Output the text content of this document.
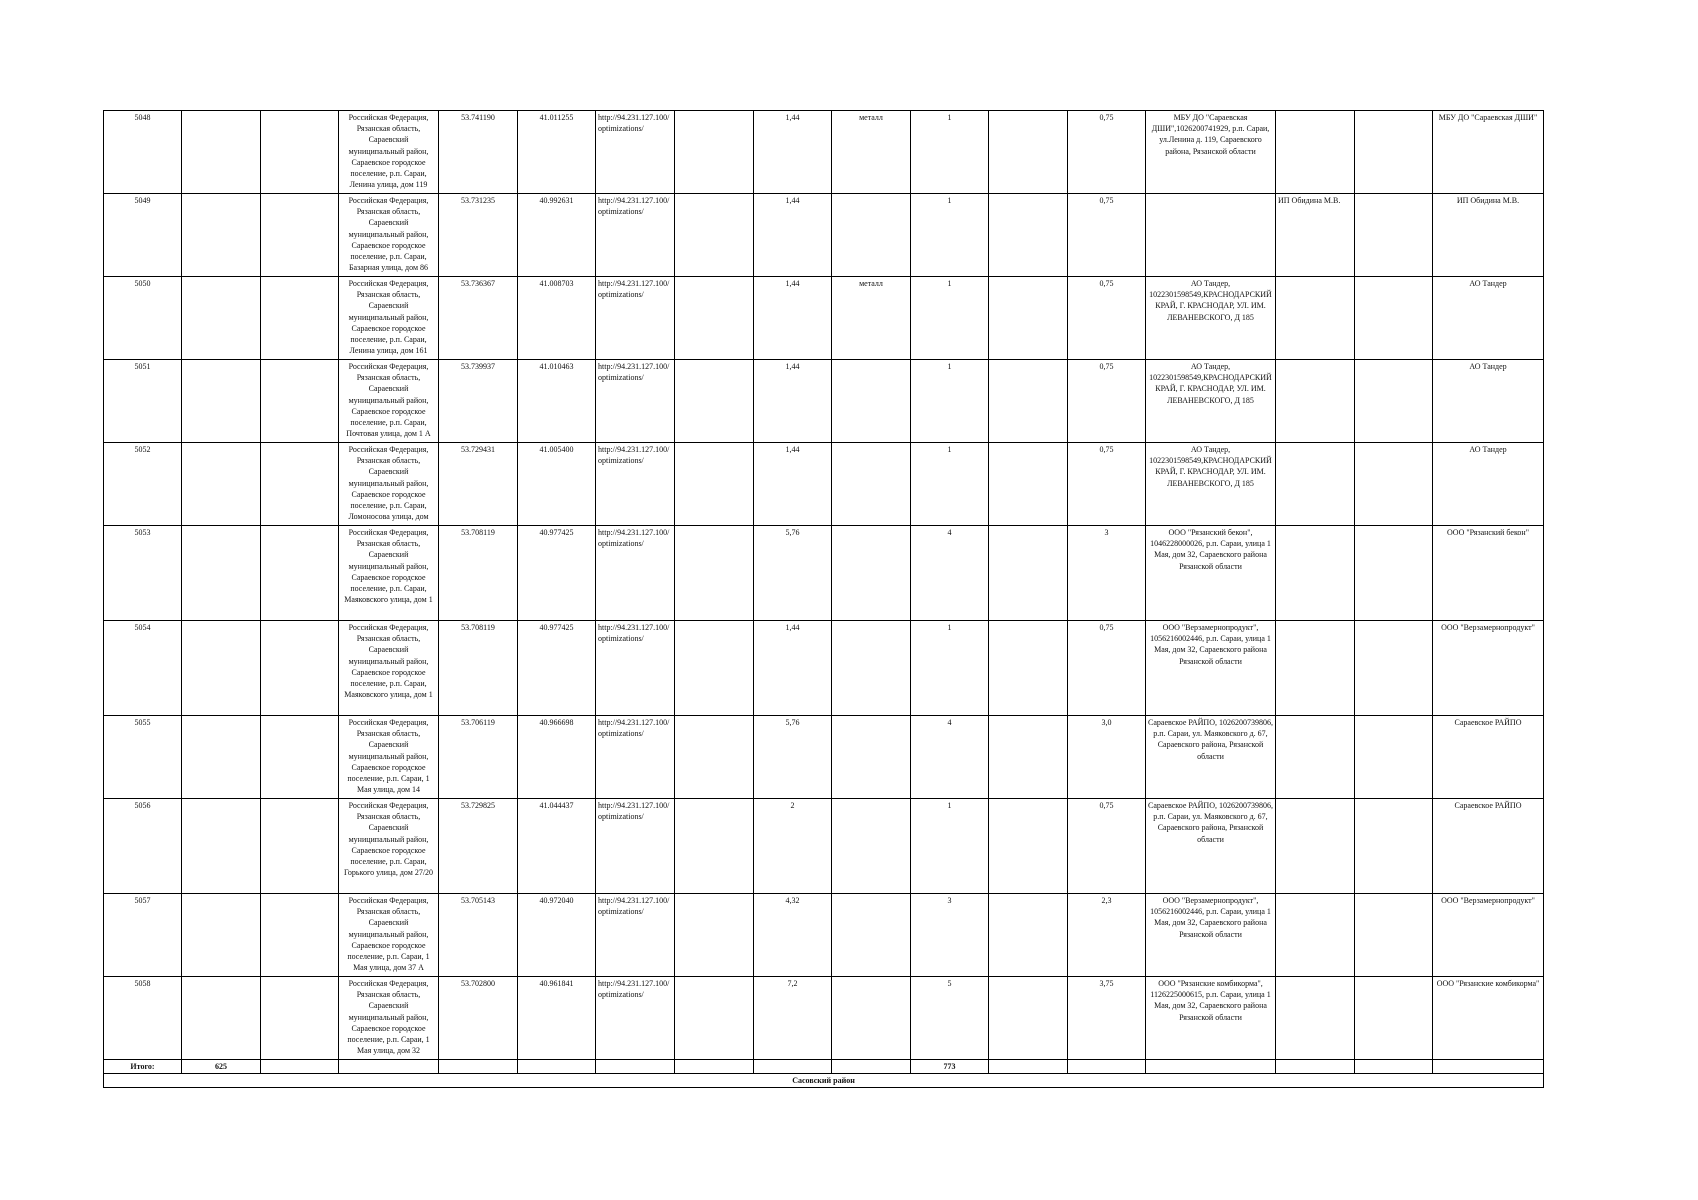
5048			Российская Федерация, Рязанская область, Сараевский муниципальный район, Сараевское городское поселение, р.п. Сараи, Ленина улица, дом 119	53.741190	41.011255	http://94.231.127.100/optimizations/		1,44	металл	1		0,75	МБУ ДО "Сараевская ДШИ",1026200741929, р.п. Сараи, ул.Ленина д. 119, Сараевского района, Рязанской области			МБУ ДО "Сараевская ДШИ"
5049			Российская Федерация, Рязанская область, Сараевский муниципальный район, Сараевское городское поселение, р.п. Сараи, Базарная улица, дом 86	53.731235	40.992631	http://94.231.127.100/optimizations/		1,44		1		0,75		ИП Обидина М.В.		ИП Обидина М.В.
5050			Российская Федерация, Рязанская область, Сараевский муниципальный район, Сараевское городское поселение, р.п. Сараи, Ленина улица, дом 161	53.736367	41.008703	http://94.231.127.100/optimizations/		1,44	металл	1		0,75	АО Тандер, 1022301598549,КРАСНОДАРСКИЙ КРАЙ, Г. КРАСНОДАР, УЛ. ИМ. ЛЕВАНЕВСКОГО, Д 185			АО Тандер
5051			Российская Федерация, Рязанская область, Сараевский муниципальный район, Сараевское городское поселение, р.п. Сараи, Почтовая улица, дом 1 А	53.739937	41.010463	http://94.231.127.100/optimizations/		1,44		1		0,75	АО Тандер, 1022301598549,КРАСНОДАРСКИЙ КРАЙ, Г. КРАСНОДАР, УЛ. ИМ. ЛЕВАНЕВСКОГО, Д 185			АО Тандер
5052			Российская Федерация, Рязанская область, Сараевский муниципальный район, Сараевское городское поселение, р.п. Сараи, Ломоносова улица, дом	53.729431	41.005400	http://94.231.127.100/optimizations/		1,44		1		0,75	АО Тандер, 1022301598549,КРАСНОДАРСКИЙ КРАЙ, Г. КРАСНОДАР, УЛ. ИМ. ЛЕВАНЕВСКОГО, Д 185			АО Тандер
5053			Российская Федерация, Рязанская область, Сараевский муниципальный район, Сараевское городское поселение, р.п. Сараи, Маяковского улица, дом 1	53.708119	40.977425	http://94.231.127.100/optimizations/		5,76		4		3	ООО "Рязанский бекон", 1046228000026, р.п. Сараи, улица 1 Мая, дом 32, Сараевского района Рязанской области			ООО "Рязанский бекон"
5054			Российская Федерация, Рязанская область, Сараевский муниципальный район, Сараевское городское поселение, р.п. Сараи, Маяковского улица, дом 1	53.708119	40.977425	http://94.231.127.100/optimizations/		1,44		1		0,75	ООО "Верзамернопродукт", 1056216002446, р.п. Сараи, улица 1 Мая, дом 32, Сараевского района Рязанской области			ООО "Верзамернопродукт"
5055			Российская Федерация, Рязанская область, Сараевский муниципальный район, Сараевское городское поселение, р.п. Сараи, 1 Мая улица, дом 14	53.706119	40.966698	http://94.231.127.100/optimizations/		5,76		4		3,0	Сараевское РАЙПО, 1026200739806, р.п. Сараи, ул. Маяковского д. 67, Сараевского района, Рязанской области			Сараевское РАЙПО
5056			Российская Федерация, Рязанская область, Сараевский муниципальный район, Сараевское городское поселение, р.п. Сараи, Горького улица, дом 27/20	53.729825	41.044437	http://94.231.127.100/optimizations/		2		1		0,75	Сараевское РАЙПО, 1026200739806, р.п. Сараи, ул. Маяковского д. 67, Сараевского района, Рязанской области			Сараевское РАЙПО
5057			Российская Федерация, Рязанская область, Сараевский муниципальный район, Сараевское городское поселение, р.п. Сараи, 1 Мая улица, дом 37 А	53.705143	40.972040	http://94.231.127.100/optimizations/		4,32		3		2,3	ООО "Верзамернопродукт", 1056216002446, р.п. Сараи, улица 1 Мая, дом 32, Сараевского района Рязанской области			ООО "Верзамернопродукт"
5058			Российская Федерация, Рязанская область, Сараевский муниципальный район, Сараевское городское поселение, р.п. Сараи, 1 Мая улица, дом 32	53.702800	40.961841	http://94.231.127.100/optimizations/		7,2		5		3,75	ООО "Рязанские комбикорма", 1126225000615, р.п. Сараи, улица 1 Мая, дом 32, Сараевского района Рязанской области			ООО "Рязанские комбикорма"
Итого:	625									773						
Сасовский район																
